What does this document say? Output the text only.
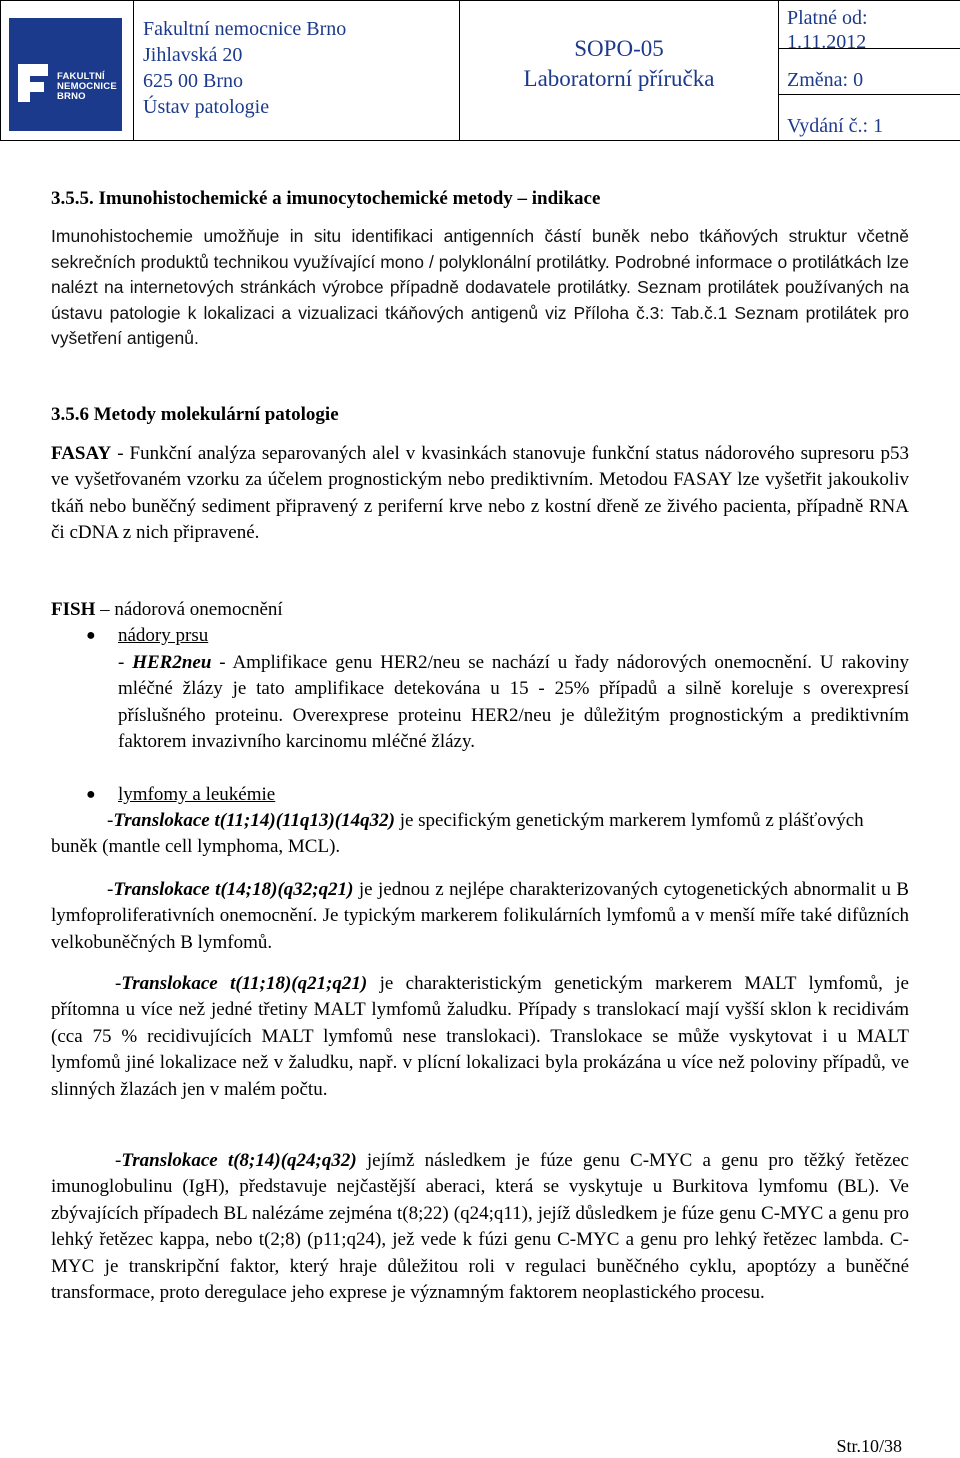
FAKULTNÍ
NEMOCNICE
BRNO

Fakultní nemocnice Brno
Jihlavská 20
625 00 Brno
Ústav patologie

SOPO-05
Laboratorní příručka

Platné od:
1.11.2012
Změna: 0
Vydání č.: 1
3.5.5. Imunohistochemické a imunocytochemické metody – indikace

Imunohistochemie umožňuje in situ identifikaci antigenních částí buněk nebo tkáňových struktur včetně sekrečních produktů technikou využívající mono / polyklonální protilátky. Podrobné informace o protilátkách lze nalézt na internetových stránkách výrobce případně dodavatele protilátky. Seznam protilátek používaných na ústavu patologie k lokalizaci a vizualizaci tkáňových antigenů viz Příloha č.3: Tab.č.1 Seznam protilátek pro vyšetření antigenů.

3.5.6 Metody molekulární patologie

FASAY - Funkční analýza separovaných alel v kvasinkách stanovuje funkční status nádorového supresoru p53 ve vyšetřovaném vzorku za účelem prognostickým nebo prediktivním. Metodou FASAY lze vyšetřit jakoukoliv tkáň nebo buněčný sediment připravený z periferní krve nebo z kostní dřeně ze živého pacienta, případně RNA či cDNA z nich připravené.

FISH – nádorová onemocnění

● nádory prsu

- HER2neu - Amplifikace genu HER2/neu se nachází u řady nádorových onemocnění. U rakoviny mléčné žlázy je tato amplifikace detekována u 15 - 25% případů a silně koreluje s overexpresí příslušného proteinu. Overexprese proteinu HER2/neu je důležitým prognostickým a prediktivním faktorem invazivního karcinomu mléčné žlázy.

● lymfomy a leukémie

-Translokace t(11;14)(11q13)(14q32) je specifickým genetickým markerem lymfomů z plášťových buněk (mantle cell lymphoma, MCL).

-Translokace t(14;18)(q32;q21) je jednou z nejlépe charakterizovaných cytogenetických abnormalit u B lymfoproliferativních onemocnění. Je typickým markerem folikulárních lymfomů a v menší míře také difůzních velkobuněčných B lymfomů.

-Translokace t(11;18)(q21;q21) je charakteristickým genetickým markerem MALT lymfomů, je přítomna u více než jedné třetiny MALT lymfomů žaludku. Případy s translokací mají vyšší sklon k recidivám (cca 75 % recidivujících MALT lymfomů nese translokaci). Translokace se může vyskytovat i u MALT lymfomů jiné lokalizace než v žaludku, např. v plícní lokalizaci byla prokázána u více než poloviny případů, ve slinných žlazách jen v malém počtu.

-Translokace t(8;14)(q24;q32) jejímž následkem je fúze genu C-MYC a genu pro těžký řetězec imunoglobulinu (IgH), představuje nejčastější aberaci, která se vyskytuje u Burkitova lymfomu (BL). Ve zbývajících případech BL nalézáme zejména t(8;22) (q24;q11), jejíž důsledkem je fúze genu C-MYC a genu pro lehký řetězec kappa, nebo t(2;8) (p11;q24), jež vede k fúzi genu C-MYC a genu pro lehký řetězec lambda. C-MYC je transkripční faktor, který hraje důležitou roli v regulaci buněčného cyklu, apoptózy a buněčné transformace, proto deregulace jeho exprese je významným faktorem neoplastického procesu.

Str.10/38
